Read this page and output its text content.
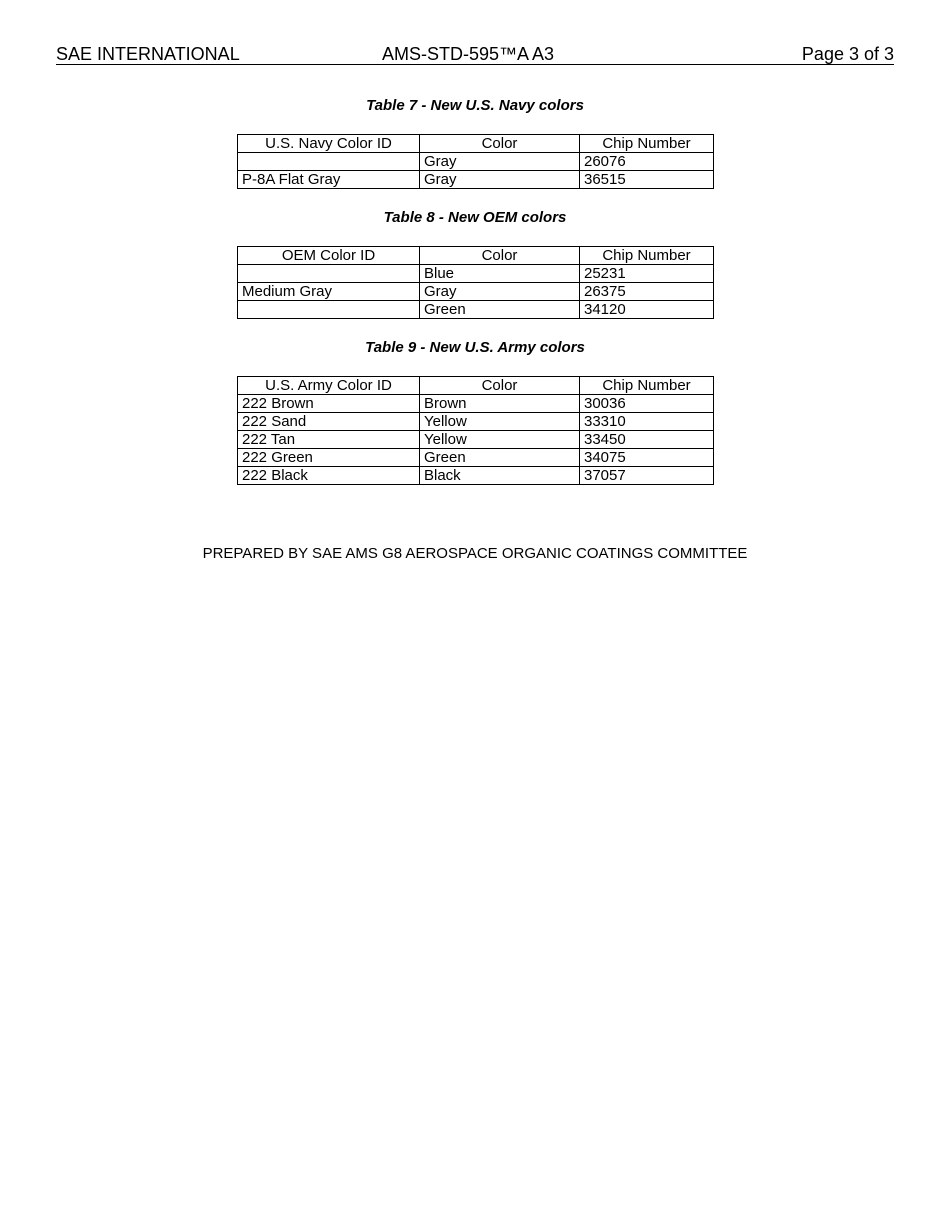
SAE INTERNATIONAL	AMS-STD-595™A A3	Page 3 of 3
Table 7 - New U.S. Navy colors
U.S. Navy Color ID	Color	Chip Number
	Gray	26076
P-8A Flat Gray	Gray	36515
Table 8 - New OEM colors
OEM Color ID	Color	Chip Number
	Blue	25231
Medium Gray	Gray	26375
	Green	34120
Table 9 - New U.S. Army colors
U.S. Army Color ID	Color	Chip Number
222 Brown	Brown	30036
222 Sand	Yellow	33310
222 Tan	Yellow	33450
222 Green	Green	34075
222 Black	Black	37057
PREPARED BY SAE AMS G8 AEROSPACE ORGANIC COATINGS COMMITTEE
